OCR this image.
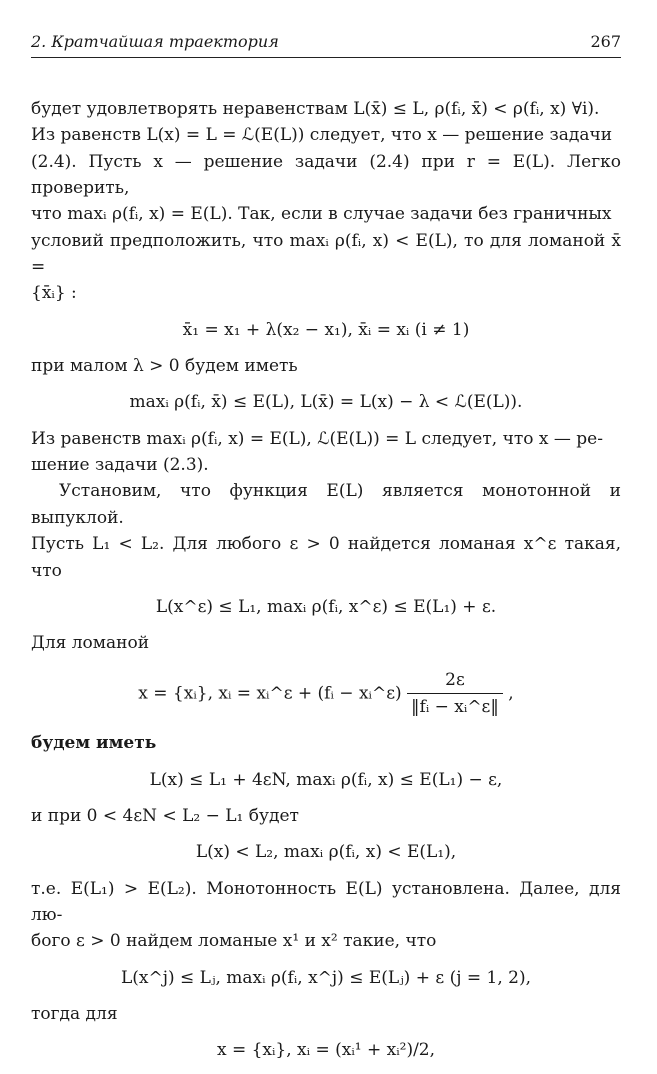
2. Кратчайшая траектория	267

будет удовлетворять неравенствам L(x̄) ≤ L, ρ(fᵢ, x̄) < ρ(fᵢ, x) ∀i).

Из равенств L(x) = L = ℒ(E(L)) следует, что x — решение задачи

(2.4). Пусть x — решение задачи (2.4) при r = E(L). Легко проверить,

что maxᵢ ρ(fᵢ, x) = E(L). Так, если в случае задачи без граничных

условий предположить, что maxᵢ ρ(fᵢ, x) < E(L), то для ломаной x̄ =

{x̄ᵢ} :

x̄₁ = x₁ + λ(x₂ − x₁), x̄ᵢ = xᵢ (i ≠ 1)

при малом λ > 0 будем иметь

maxᵢ ρ(fᵢ, x̄) ≤ E(L), L(x̄) = L(x) − λ < ℒ(E(L)).

Из равенств maxᵢ ρ(fᵢ, x) = E(L), ℒ(E(L)) = L следует, что x — ре-

шение задачи (2.3).

Установим, что функция E(L) является монотонной и выпуклой.

Пусть L₁ < L₂. Для любого ε > 0 найдется ломаная x^ε такая, что

L(x^ε) ≤ L₁, maxᵢ ρ(fᵢ, x^ε) ≤ E(L₁) + ε.

Для ломаной

x = {xᵢ}, xᵢ = xᵢ^ε + (fᵢ − xᵢ^ε) $\frac{2\varepsilon}{\text{‖fᵢ − xᵢ\textasciicircum{}ε‖}}$ ,

будем иметь

L(x) ≤ L₁ + 4εN, maxᵢ ρ(fᵢ, x) ≤ E(L₁) − ε,

и при 0 < 4εN < L₂ − L₁ будет

L(x) < L₂, maxᵢ ρ(fᵢ, x) < E(L₁),

т.е. E(L₁) > E(L₂). Монотонность E(L) установлена. Далее, для лю-

бого ε > 0 найдем ломаные x¹ и x² такие, что

L(x^j) ≤ Lⱼ, maxᵢ ρ(fᵢ, x^j) ≤ E(Lⱼ) + ε (j = 1, 2),

тогда для

x = {xᵢ}, xᵢ = (xᵢ¹ + xᵢ²)/2,
